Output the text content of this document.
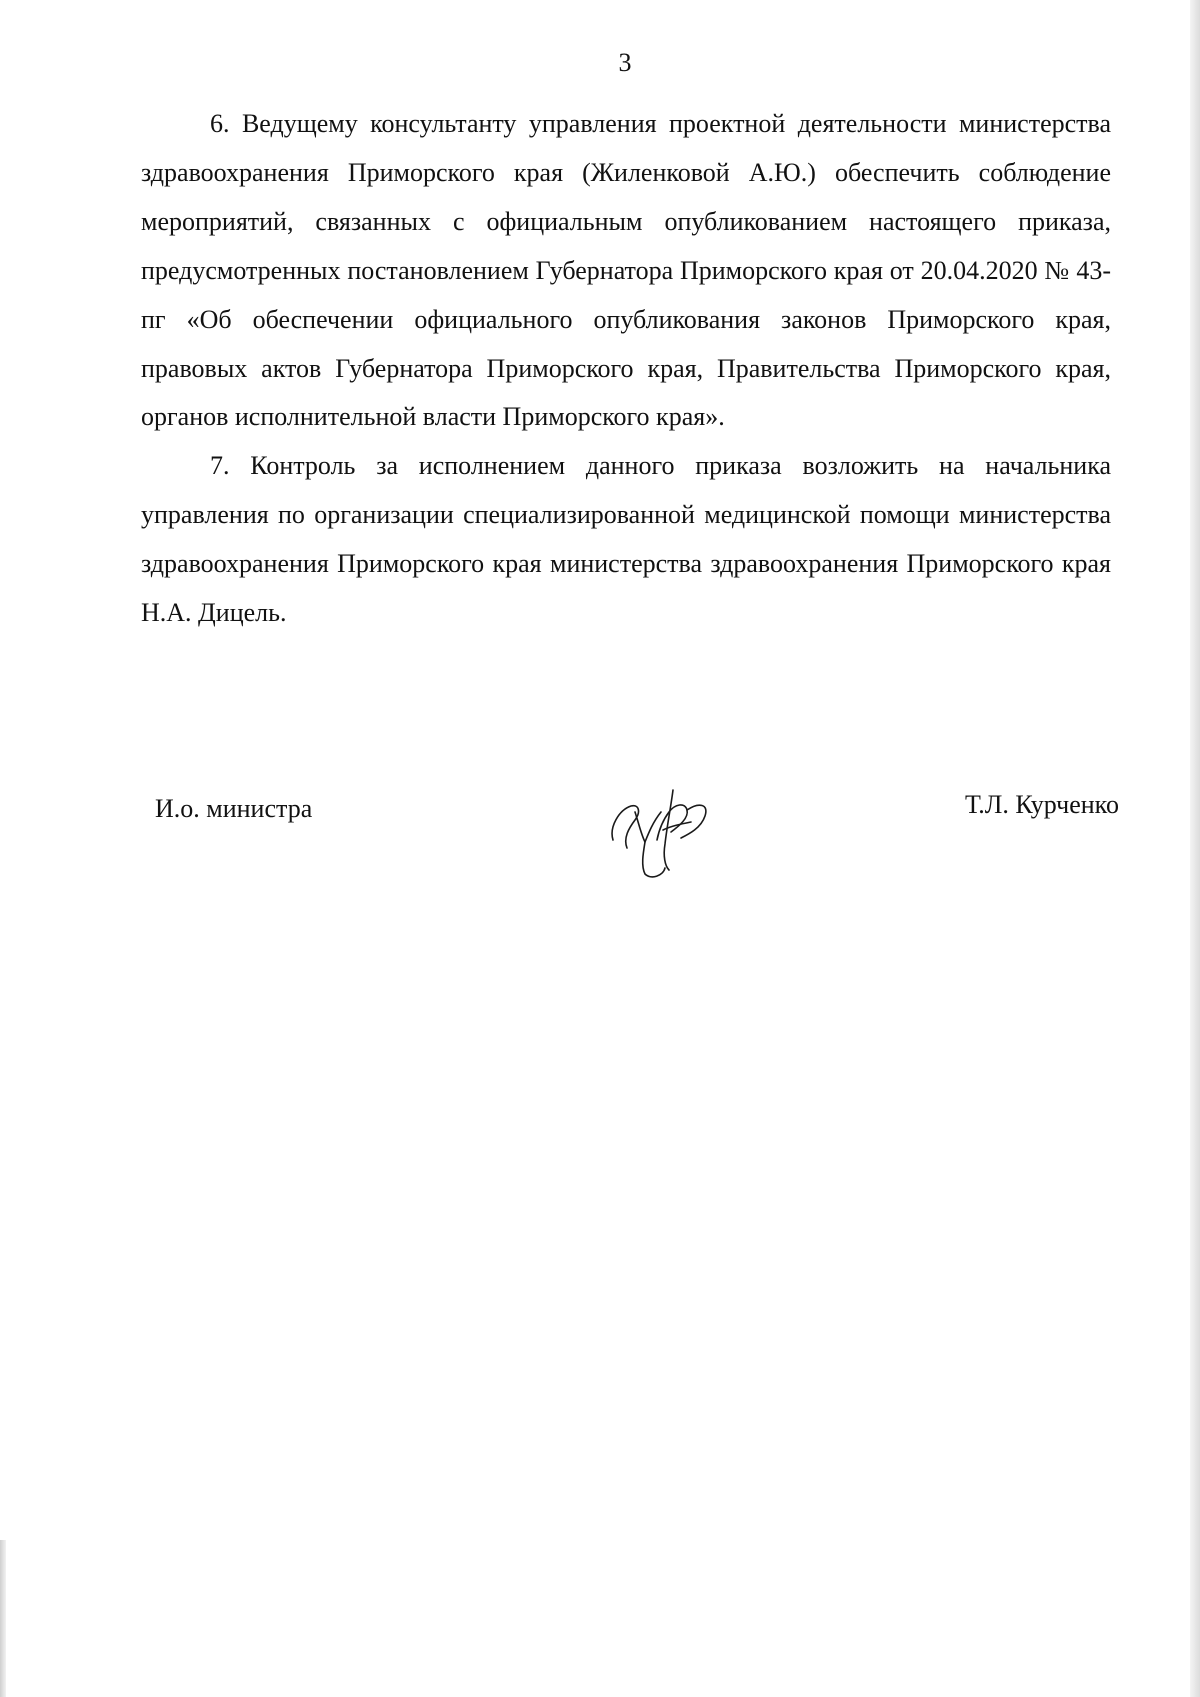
3

6. Ведущему консультанту управления проектной деятельности министерства здравоохранения Приморского края (Жиленковой А.Ю.) обеспечить соблюдение мероприятий, связанных с официальным опубликованием настоящего приказа, предусмотренных постановлением Губернатора Приморского края от 20.04.2020 № 43-пг «Об обеспечении официального опубликования законов Приморского края, правовых актов Губернатора Приморского края, Правительства Приморского края, органов исполнительной власти Приморского края».

7. Контроль за исполнением данного приказа возложить на начальника управления по организации специализированной медицинской помощи министерства здравоохранения Приморского края министерства здравоохранения Приморского края Н.А. Дицель.

И.о. министра	Т.Л. Курченко
